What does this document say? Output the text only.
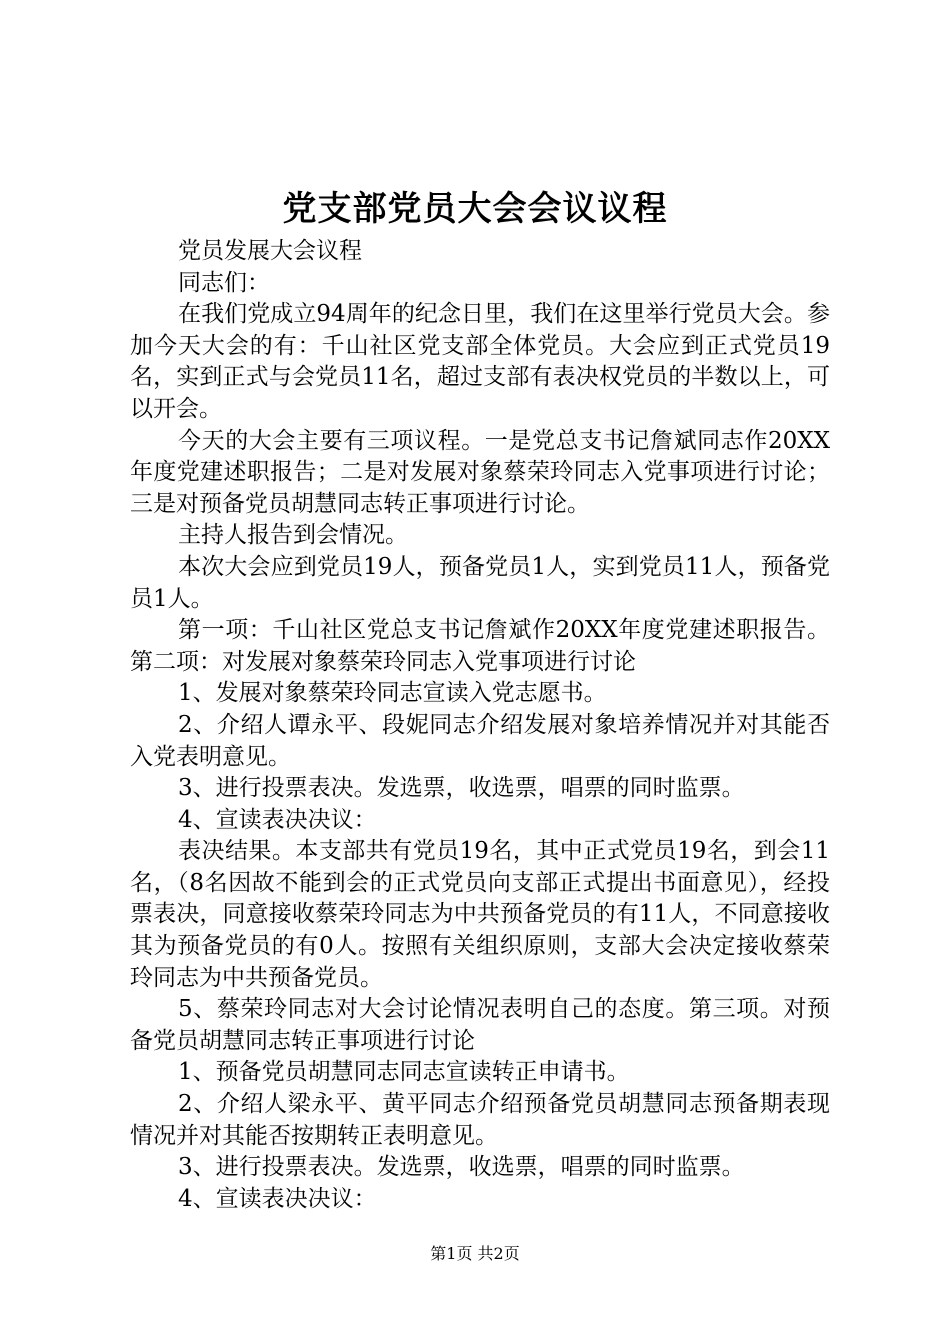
党支部党员大会会议议程

党员发展大会议程

同志们：

在我们党成立94周年的纪念日里，我们在这里举行党员大会。参加今天大会的有：千山社区党支部全体党员。大会应到正式党员19名，实到正式与会党员11名，超过支部有表决权党员的半数以上，可以开会。

今天的大会主要有三项议程。一是党总支书记詹斌同志作20XX年度党建述职报告；二是对发展对象蔡荣玲同志入党事项进行讨论；三是对预备党员胡慧同志转正事项进行讨论。

主持人报告到会情况。

本次大会应到党员19人，预备党员1人，实到党员11人，预备党员1人。

第一项：千山社区党总支书记詹斌作20XX年度党建述职报告。第二项：对发展对象蔡荣玲同志入党事项进行讨论

1、发展对象蔡荣玲同志宣读入党志愿书。

2、介绍人谭永平、段妮同志介绍发展对象培养情况并对其能否入党表明意见。

3、进行投票表决。发选票，收选票，唱票的同时监票。

4、宣读表决决议：

表决结果。本支部共有党员19名，其中正式党员19名，到会11名，（8名因故不能到会的正式党员向支部正式提出书面意见），经投票表决，同意接收蔡荣玲同志为中共预备党员的有11人，不同意接收其为预备党员的有0人。按照有关组织原则，支部大会决定接收蔡荣玲同志为中共预备党员。

5、蔡荣玲同志对大会讨论情况表明自己的态度。第三项。对预备党员胡慧同志转正事项进行讨论

1、预备党员胡慧同志同志宣读转正申请书。

2、介绍人梁永平、黄平同志介绍预备党员胡慧同志预备期表现情况并对其能否按期转正表明意见。

3、进行投票表决。发选票，收选票，唱票的同时监票。

4、宣读表决决议：

第1页 共2页
